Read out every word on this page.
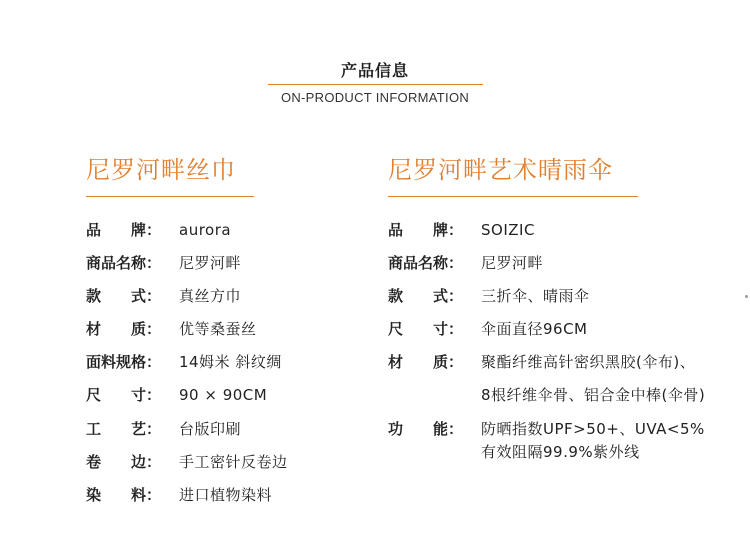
产品信息
ON-PRODUCT INFORMATION
尼罗河畔丝巾
品　　牌： aurora
商品名称： 尼罗河畔
款　　式： 真丝方巾
材　　质： 优等桑蚕丝
面料规格： 14姆米 斜纹绸
尺　　寸： 90 × 90CM
工　　艺： 台版印刷
卷　　边： 手工密针反卷边
染　　料： 进口植物染料
尼罗河畔艺术晴雨伞
品　　牌： SOIZIC
商品名称： 尼罗河畔
款　　式： 三折伞、晴雨伞
尺　　寸： 伞面直径96CM
材　　质： 聚酯纤维高针密织黑胶(伞布)、
8根纤维伞骨、铝合金中棒(伞骨)
功　　能： 防晒指数UPF>50+、UVA<5%
有效阻隔99.9%紫外线
